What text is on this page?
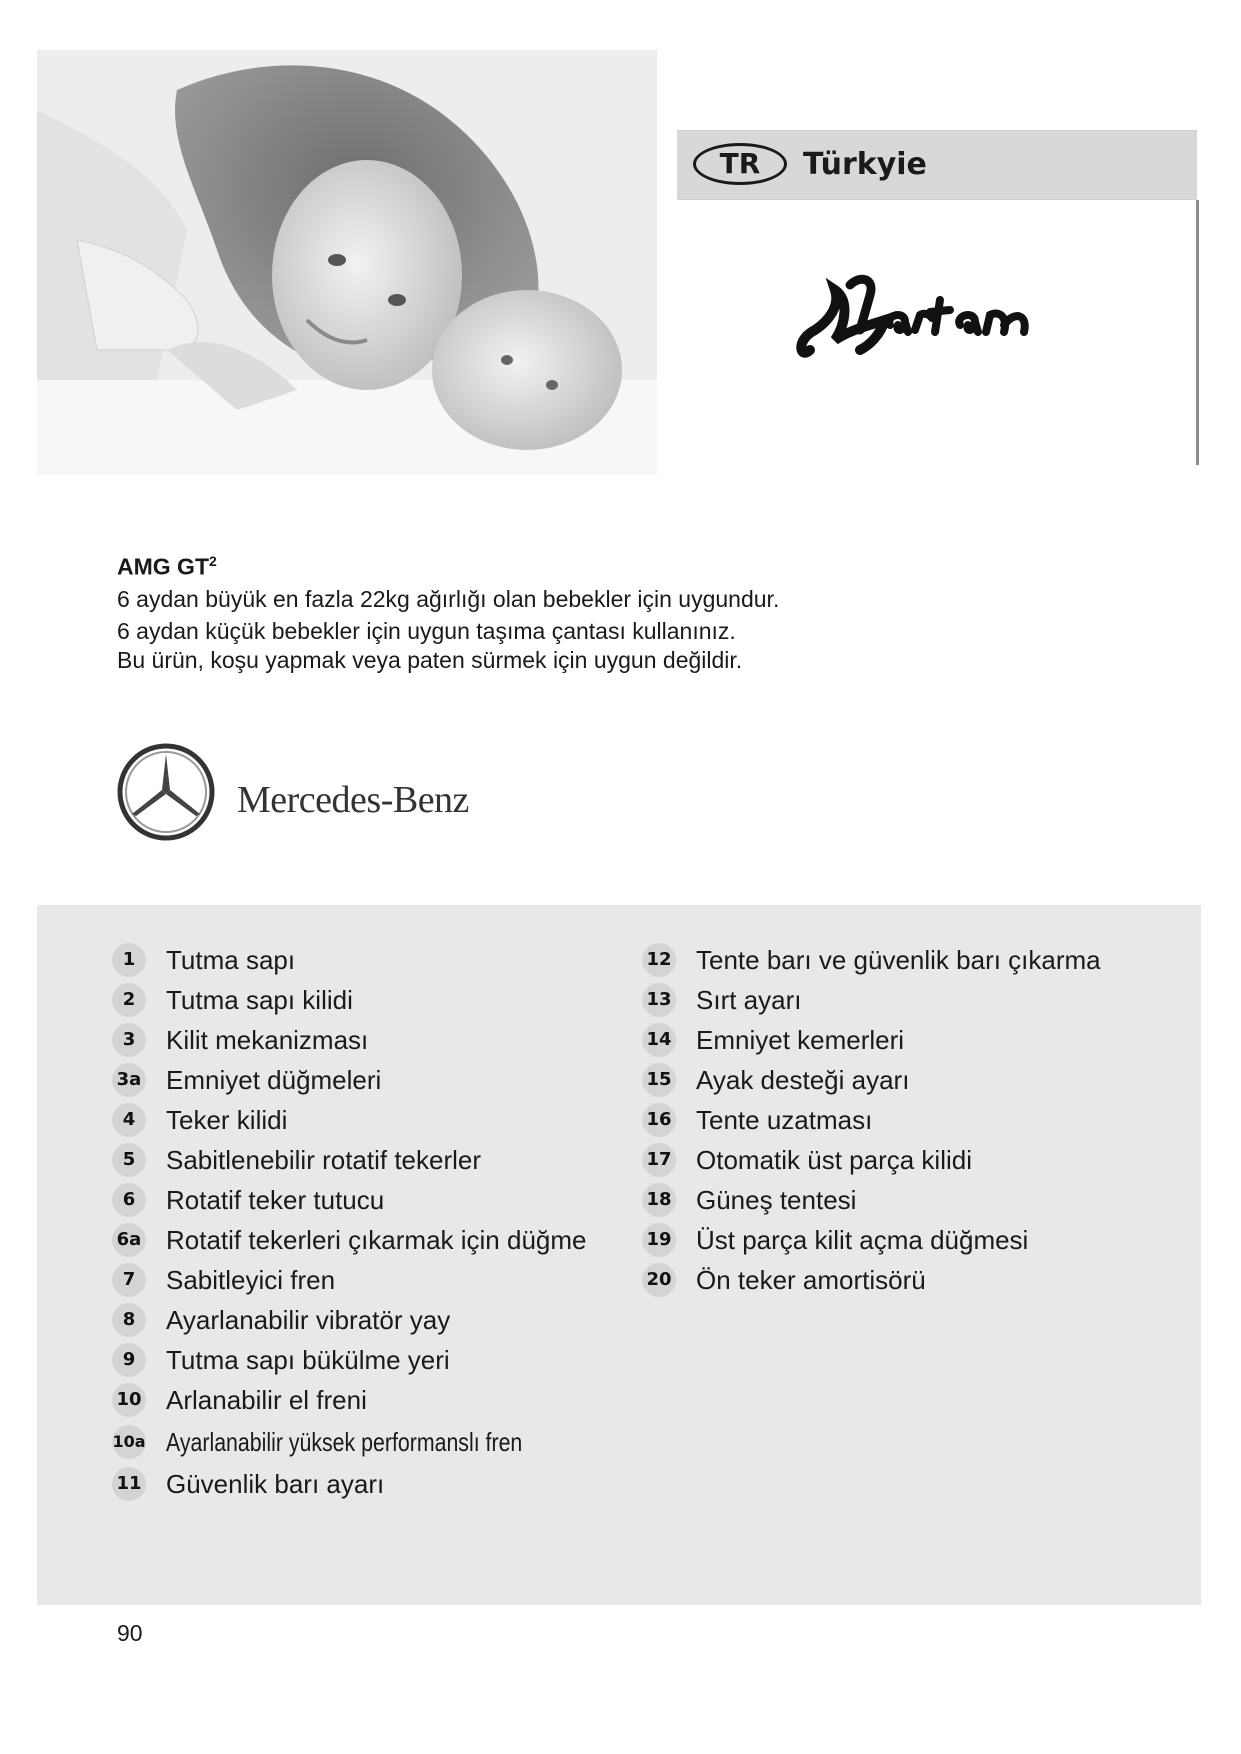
TR	Türkyie
AMG $GT^2$
6 aydan büyük en fazla 22kg ağırlığı olan bebekler için uygundur.
6 aydan küçük bebekler için uygun taşıma çantası kullanınız.
Bu ürün, koşu yapmak veya paten sürmek için uygun değildir.
Mercedes-Benz
1	Tutma sapı
2	Tutma sapı kilidi
3	Kilit mekanizması
3a Emniyet düğmeleri
4	Teker kilidi
5	Sabitlenebilir rotatif tekerler
6	Rotatif teker tutucu
6a Rotatif tekerleri çıkarmak için düğme
7	Sabitleyici fren
8	Ayarlanabilir vibratör yay
9	Tutma sapı bükülme yeri
10 Arlanabilir el freni
10a Ayarlanabilir yüksek performanslı fren
11 Güvenlik barı ayarı
12 Tente barı ve güvenlik barı çıkarma
13 Sırt ayarı
14 Emniyet kemerleri
15 Ayak desteği ayarı
16 Tente uzatması
17 Otomatik üst parça kilidi
18 Güneş tentesi
19 Üst parça kilit açma düğmesi
20 Ön teker amortisörü
90
